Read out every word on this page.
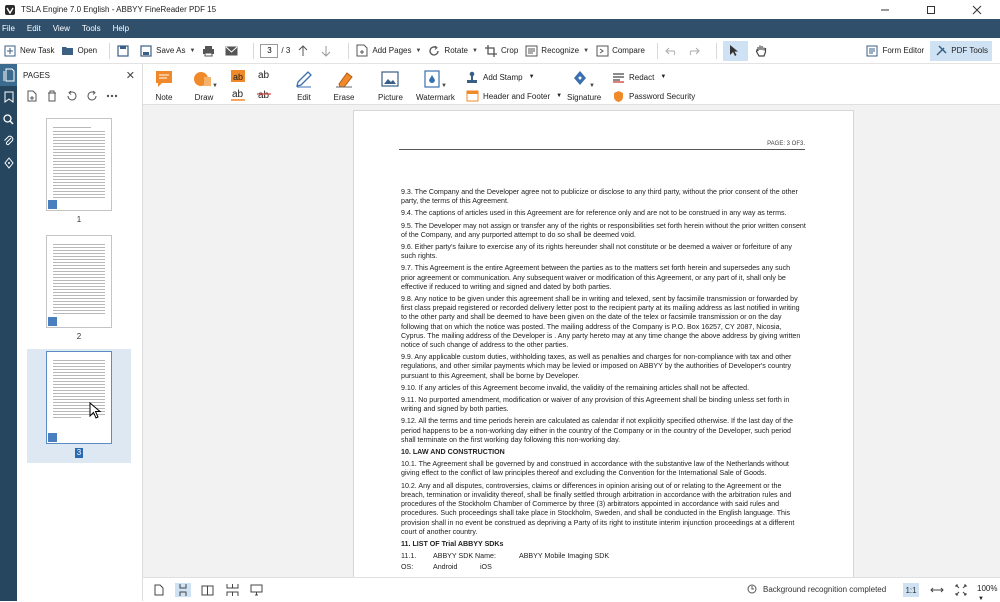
TSLA Engine 7.0 English - ABBYY FineReader PDF 15
File Edit View Tools Help
New Task	Open	Save As ▼
3	/ 3	Add Pages ▼	Rotate ▼	Crop	Recognize ▼	Compare	Form Editor	PDF Tools
PAGES	✕
1
2
3
Note
▼
Draw
ab ab
ab ab	Edit	Erase	Picture
▼
Watermark
Add Stamp ▼
Header and Footer ▼
▼
Signature
Redact ▼
Password Security
PAGE: 3 OF3.

9.3. The Company and the Developer agree not to publicize or disclose to any third party, without the prior consent of the other party, the terms of this Agreement.

9.4. The captions of articles used in this Agreement are for reference only and are not to be construed in any way as terms.

9.5. The Developer may not assign or transfer any of the rights or responsibilities set forth herein without the prior written consent of the Company, and any purported attempt to do so shall be deemed void.

9.6. Either party's failure to exercise any of its rights hereunder shall not constitute or be deemed a waiver or forfeiture of any such rights.

9.7. This Agreement is the entire Agreement between the parties as to the matters set forth herein and supersedes any such prior agreement or communication. Any subsequent waiver or modification of this Agreement, or any part of it, shall only be effective if reduced to writing and signed and dated by both parties.

9.8. Any notice to be given under this agreement shall be in writing and telexed, sent by facsimile transmission or forwarded by first class prepaid registered or recorded delivery letter post to the recipient party at its mailing address as last notified in writing to the other party and shall be deemed to have been given on the date of the telex or facsimile transmission or on the day following that on which the notice was posted. The mailing address of the Company is P.O. Box 16257, CY 2087, Nicosia, Cyprus. The mailing address of the Developer is . Any party hereto may at any time change the above address by giving written notice of such change of address to the other parties.

9.9. Any applicable custom duties, withholding taxes, as well as penalties and charges for non-compliance with tax and other regulations, and other similar payments which may be levied or imposed on ABBYY by the authorities of Developer's country pursuant to this Agreement, shall be borne by Developer.

9.10. If any articles of this Agreement become invalid, the validity of the remaining articles shall not be affected.

9.11. No purported amendment, modification or waiver of any provision of this Agreement shall be binding unless set forth in writing and signed by both parties.

9.12. All the terms and time periods herein are calculated as calendar if not explicitly specified otherwise. If the last day of the period happens to be a non-working day either in the country of the Company or in the country of the Developer, such period shall terminate on the first working day following this non-working day.

10. LAW AND CONSTRUCTION

10.1. The Agreement shall be governed by and construed in accordance with the substantive law of the Netherlands without giving effect to the conflict of law principles thereof and excluding the Convention for the International Sale of Goods.

10.2. Any and all disputes, controversies, claims or differences in opinion arising out of or relating to the Agreement or the breach, termination or invalidity thereof, shall be finally settled through arbitration in accordance with the arbitration rules and procedures of the Stockholm Chamber of Commerce by three (3) arbitrators appointed in accordance with said rules and procedures. Such proceedings shall take place in Stockholm, Sweden, and shall be conducted in the English language. This provision shall in no event be construed as depriving a Party of its right to institute interim injunction proceedings at a different court of another country.

11. LIST OF Trial ABBYY SDKs
11.1. ABBYY SDK Name:	ABBYY Mobile Imaging SDK
OS:	Android	iOS
Background recognition completed 1:1	100% ▼
